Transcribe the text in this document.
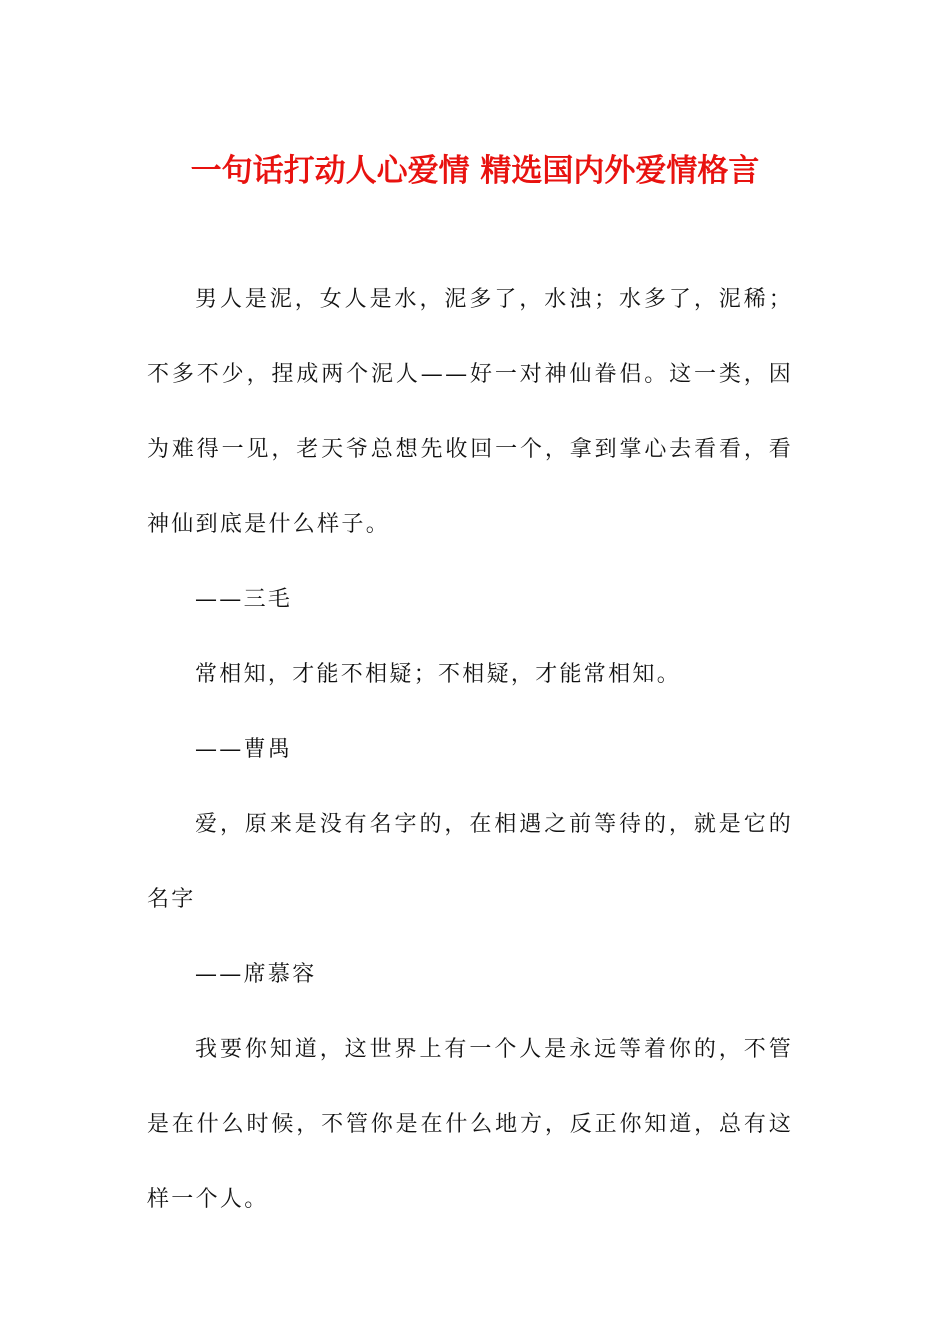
一句话打动人心爱情 精选国内外爱情格言

男人是泥，女人是水，泥多了，水浊；水多了，泥稀；不多不少，捏成两个泥人——好一对神仙眷侣。这一类，因为难得一见，老天爷总想先收回一个，拿到掌心去看看，看神仙到底是什么样子。

——三毛

常相知，才能不相疑；不相疑，才能常相知。

——曹禺

爱，原来是没有名字的，在相遇之前等待的，就是它的名字

——席慕容

我要你知道，这世界上有一个人是永远等着你的，不管是在什么时候，不管你是在什么地方，反正你知道，总有这样一个人。
